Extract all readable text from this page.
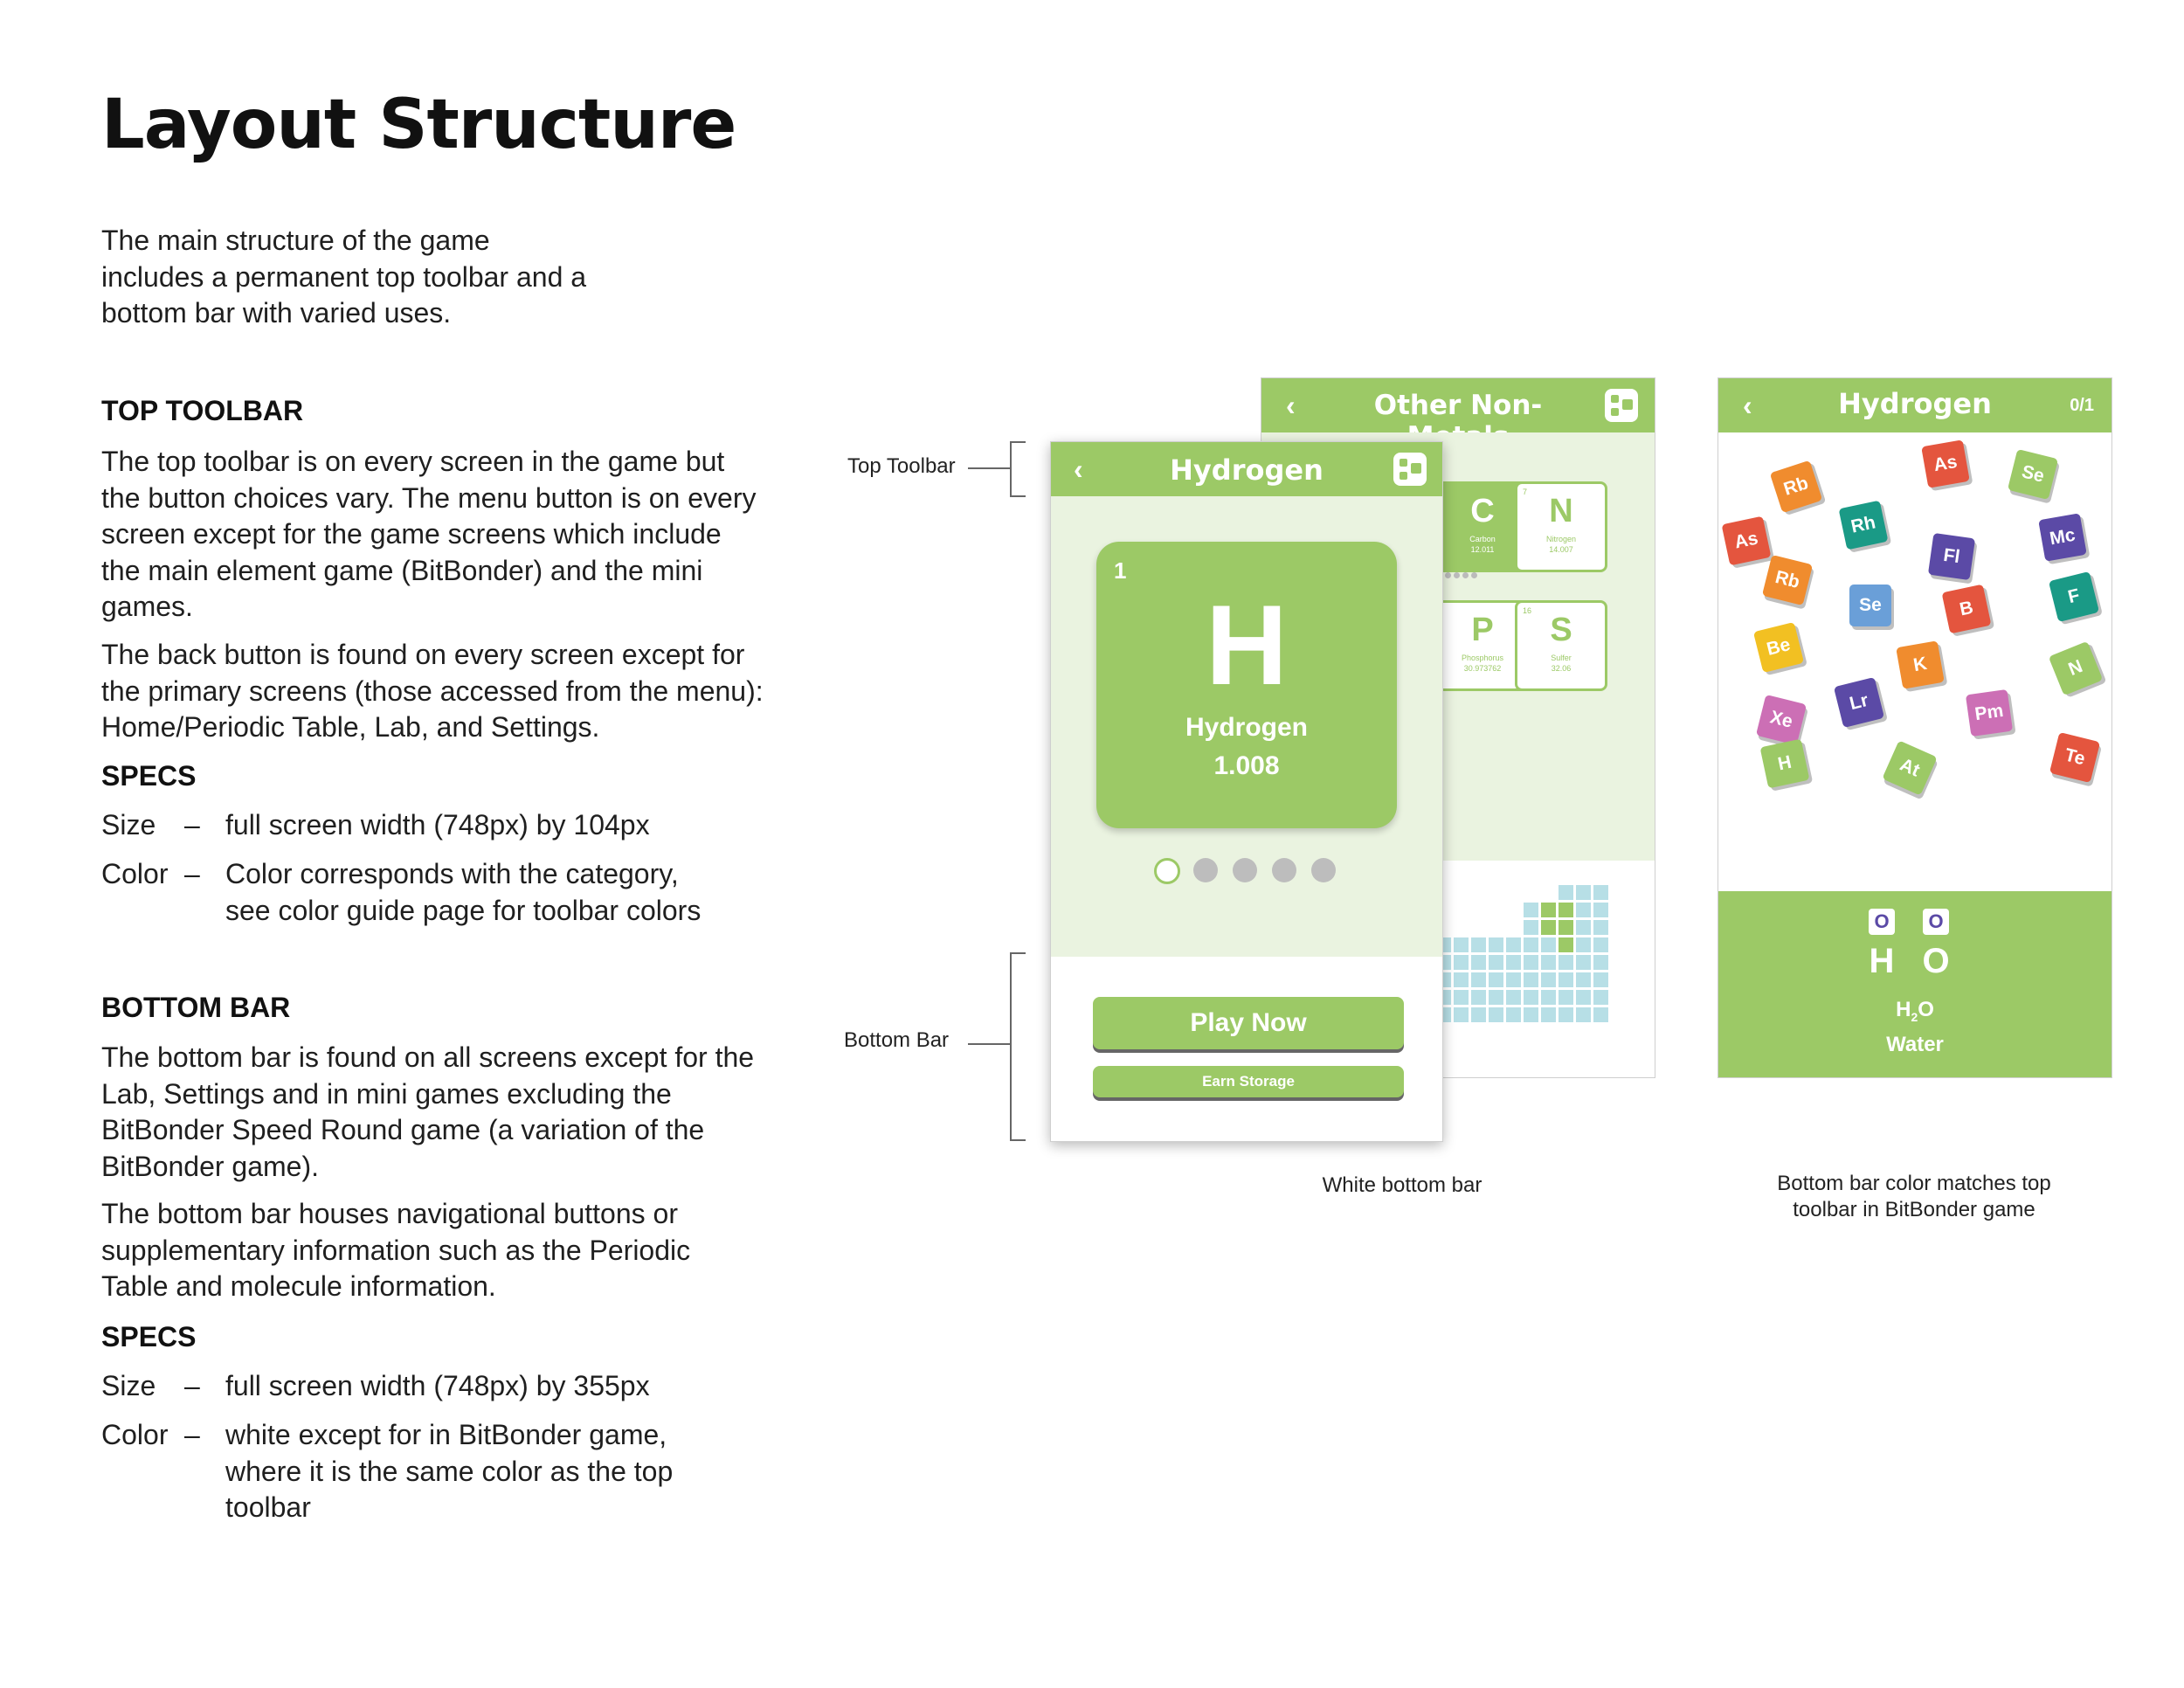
Layout Structure

The main structure of the game includes a permanent top toolbar and a bottom bar with varied uses.

TOP TOOLBAR

The top toolbar is on every screen in the game but the button choices vary. The menu button is on every screen except for the game screens which include the main element game (BitBonder) and the mini games.

The back button is found on every screen except for the primary screens (those accessed from the menu): Home/Periodic Table, Lab, and Settings.

SPECS
Size – full screen width (748px) by 104px
Color – Color corresponds with the category, see color guide page for toolbar colors
BOTTOM BAR

The bottom bar is found on all screens except for the Lab, Settings and in mini games excluding the BitBonder Speed Round game (a variation of the BitBonder game).

The bottom bar houses navigational buttons or supplementary information such as the Periodic Table and molecule information.

SPECS
Size – full screen width (748px) by 355px
Color – white except for in BitBonder game, where it is the same color as the top toolbar
Top Toolbar
Bottom Bar
‹	Other Non-
C
Carbon
12.011
7
N
Nitrogen
14.007
P
Phosphorus
30.973762
16
S
Sulfer
32.06
‹	Hydrogen
1
H
Hydrogen
1.008
Play Now
Earn Storage
‹	Hydrogen	0/1
Rb
As	Se
As
Rh	Mc
Fl
Rb
Se	B
F
Be
K	N
Xe
Lr	Pm
H	At	Te
O O
H O
$H_2O$
Water
White bottom bar	Bottom bar color matches top
toolbar in BitBonder game
